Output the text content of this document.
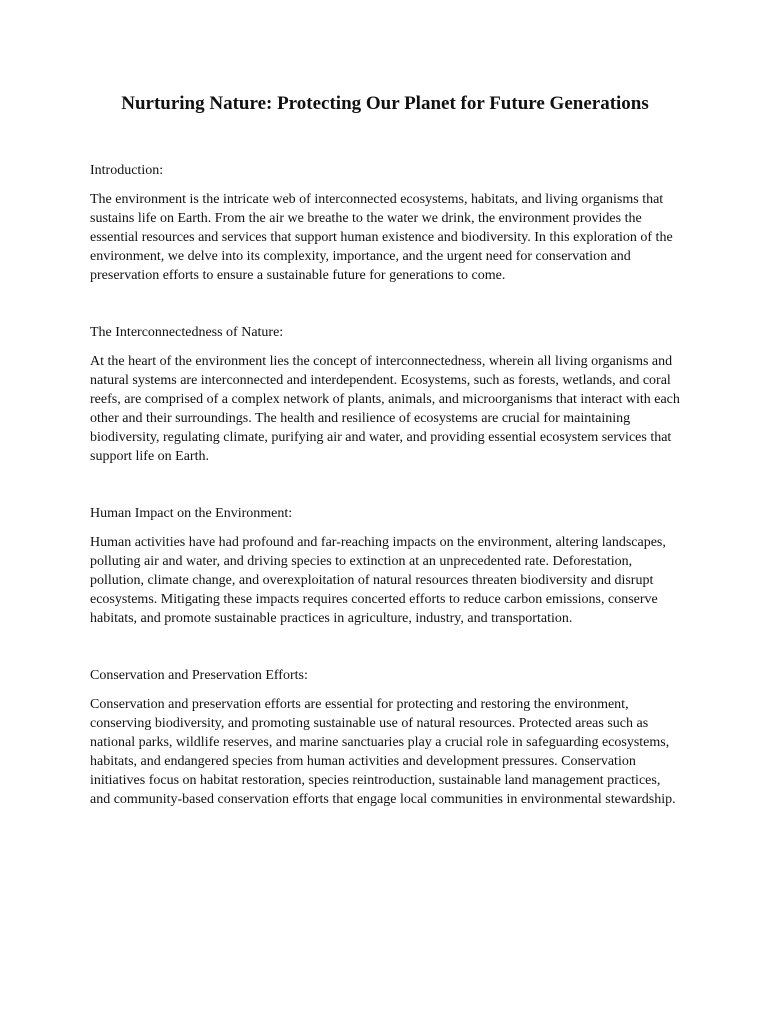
Nurturing Nature: Protecting Our Planet for Future Generations

Introduction:

The environment is the intricate web of interconnected ecosystems, habitats, and living organisms that sustains life on Earth. From the air we breathe to the water we drink, the environment provides the essential resources and services that support human existence and biodiversity. In this exploration of the environment, we delve into its complexity, importance, and the urgent need for conservation and preservation efforts to ensure a sustainable future for generations to come.

The Interconnectedness of Nature:

At the heart of the environment lies the concept of interconnectedness, wherein all living organisms and natural systems are interconnected and interdependent. Ecosystems, such as forests, wetlands, and coral reefs, are comprised of a complex network of plants, animals, and microorganisms that interact with each other and their surroundings. The health and resilience of ecosystems are crucial for maintaining biodiversity, regulating climate, purifying air and water, and providing essential ecosystem services that support life on Earth.

Human Impact on the Environment:

Human activities have had profound and far-reaching impacts on the environment, altering landscapes, polluting air and water, and driving species to extinction at an unprecedented rate. Deforestation, pollution, climate change, and overexploitation of natural resources threaten biodiversity and disrupt ecosystems. Mitigating these impacts requires concerted efforts to reduce carbon emissions, conserve habitats, and promote sustainable practices in agriculture, industry, and transportation.

Conservation and Preservation Efforts:

Conservation and preservation efforts are essential for protecting and restoring the environment, conserving biodiversity, and promoting sustainable use of natural resources. Protected areas such as national parks, wildlife reserves, and marine sanctuaries play a crucial role in safeguarding ecosystems, habitats, and endangered species from human activities and development pressures. Conservation initiatives focus on habitat restoration, species reintroduction, sustainable land management practices, and community-based conservation efforts that engage local communities in environmental stewardship.
